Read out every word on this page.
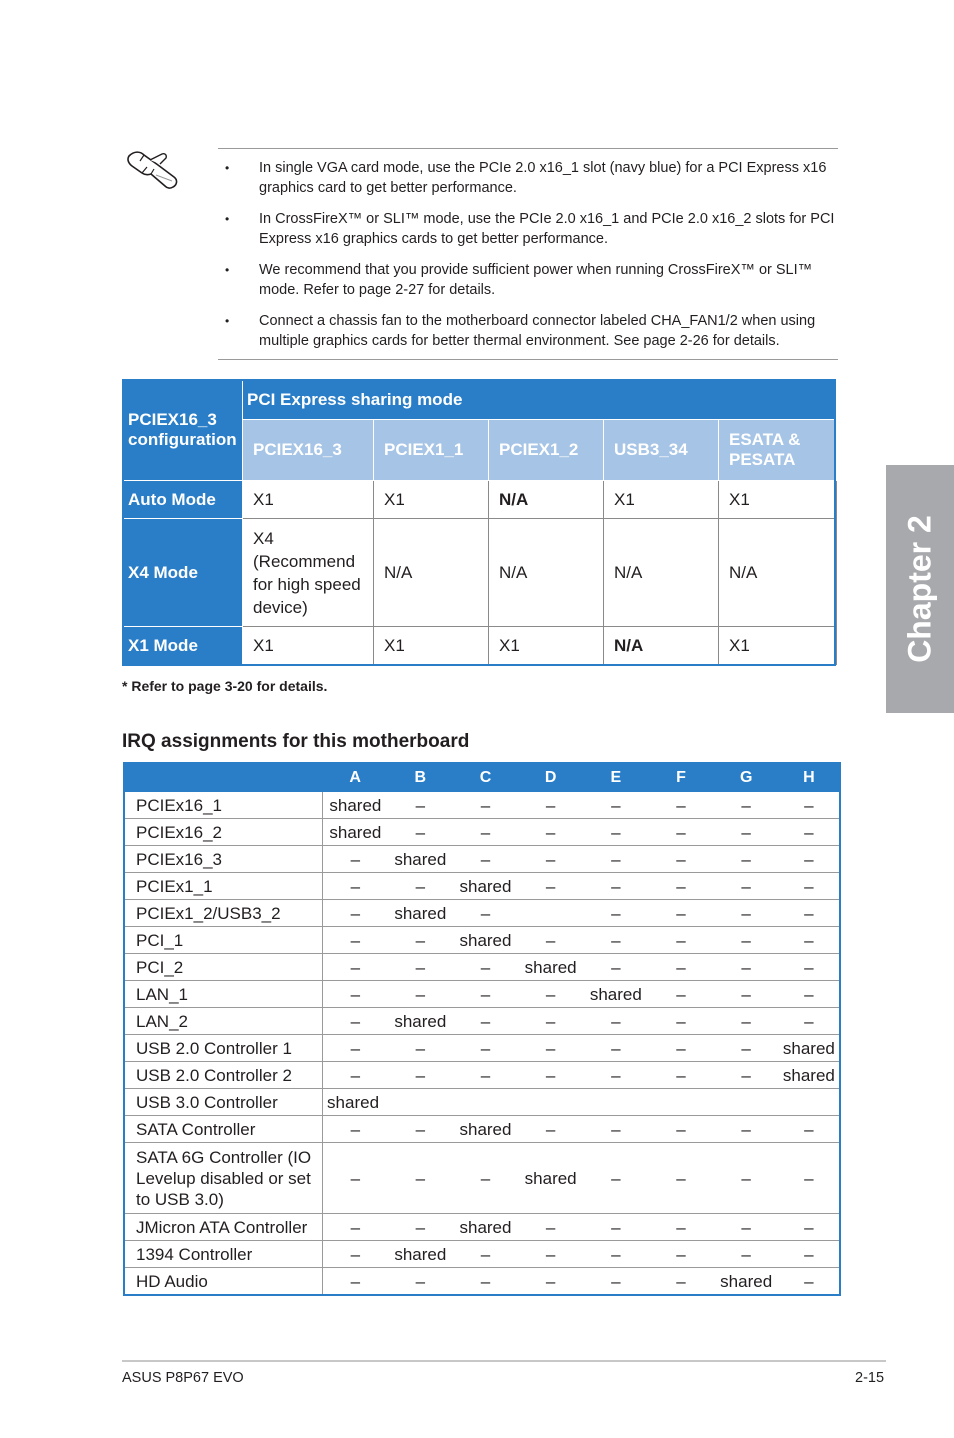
• In single VGA card mode, use the PCIe 2.0 x16_1 slot (navy blue) for a PCI Express x16 graphics card to get better performance.
• In CrossFireX™ or SLI™ mode, use the PCIe 2.0 x16_1 and PCIe 2.0 x16_2 slots for PCI Express x16 graphics cards to get better performance.
• We recommend that you provide sufficient power when running CrossFireX™ or SLI™ mode. Refer to page 2-27 for details.
• Connect a chassis fan to the motherboard connector labeled CHA_FAN1/2 when using multiple graphics cards for better thermal environment. See page 2-26 for details.
PCIEX16_3 configuration	PCI Express sharing mode				
	PCIEX16_3	PCIEX1_1	PCIEX1_2	USB3_34	ESATA & PESATA
Auto Mode	X1	X1	N/A	X1	X1
X4 Mode	X4 (Recommend for high speed device)	N/A	N/A	N/A	N/A
X1 Mode	X1	X1	X1	N/A	X1
* Refer to page 3-20 for details.
IRQ assignments for this motherboard
	A	B	C	D	E	F	G	H
PCIEx16_1	shared	–	–	–	–	–	–	–
PCIEx16_2	shared	–	–	–	–	–	–	–
PCIEx16_3	–	shared	–	–	–	–	–	–
PCIEx1_1	–	–	shared	–	–	–	–	–
PCIEx1_2/USB3_2	–	shared	–		–	–	–	–
PCI_1	–	–	shared	–	–	–	–	–
PCI_2	–	–	–	shared	–	–	–	–
LAN_1	–	–	–	–	shared	–	–	–
LAN_2	–	shared	–	–	–	–	–	–
USB 2.0 Controller 1	–	–	–	–	–	–	–	shared
USB 2.0 Controller 2	–	–	–	–	–	–	–	shared
USB 3.0 Controller	shared							
SATA Controller	–	–	shared	–	–	–	–	–
SATA 6G Controller (IO Levelup disabled or set to USB 3.0)	–	–	–	shared	–	–	–	–
JMicron ATA Controller	–	–	shared	–	–	–	–	–
1394 Controller	–	shared	–	–	–	–	–	–
HD Audio	–	–	–	–	–	–	shared	–
Chapter 2
ASUS P8P67 EVO	2-15
